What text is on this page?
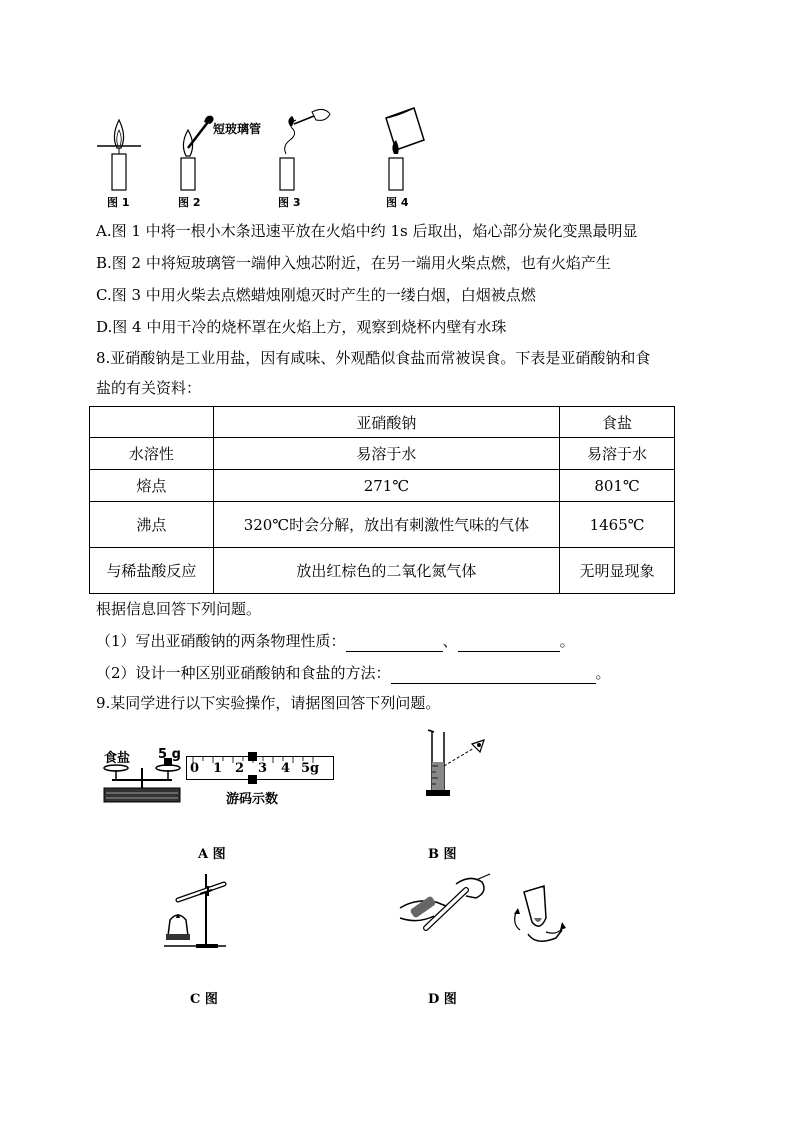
短玻璃管
图 1	图 2	图 3	图 4
A.图 1 中将一根小木条迅速平放在火焰中约 1s 后取出，焰心部分炭化变黑最明显
B.图 2 中将短玻璃管一端伸入烛芯附近，在另一端用火柴点燃，也有火焰产生
C.图 3 中用火柴去点燃蜡烛刚熄灭时产生的一缕白烟，白烟被点燃
D.图 4 中用干冷的烧杯罩在火焰上方，观察到烧杯内壁有水珠
8.亚硝酸钠是工业用盐，因有咸味、外观酷似食盐而常被误食。下表是亚硝酸钠和食
盐的有关资料：
	亚硝酸钠	食盐
水溶性	易溶于水	易溶于水
熔点	271℃	801℃
沸点	320℃时会分解，放出有刺激性气味的气体	1465℃
与稀盐酸反应	放出红棕色的二氧化氮气体	无明显现象
根据信息回答下列问题。
（1）写出亚硝酸钠的两条物理性质：	、	。
（2）设计一种区别亚硝酸钠和食盐的方法：	。
9.某同学进行以下实验操作，请据图回答下列问题。
食盐 5 g
0 1 2 3 4 5g
游码示数
A 图	B 图
C 图	D 图
